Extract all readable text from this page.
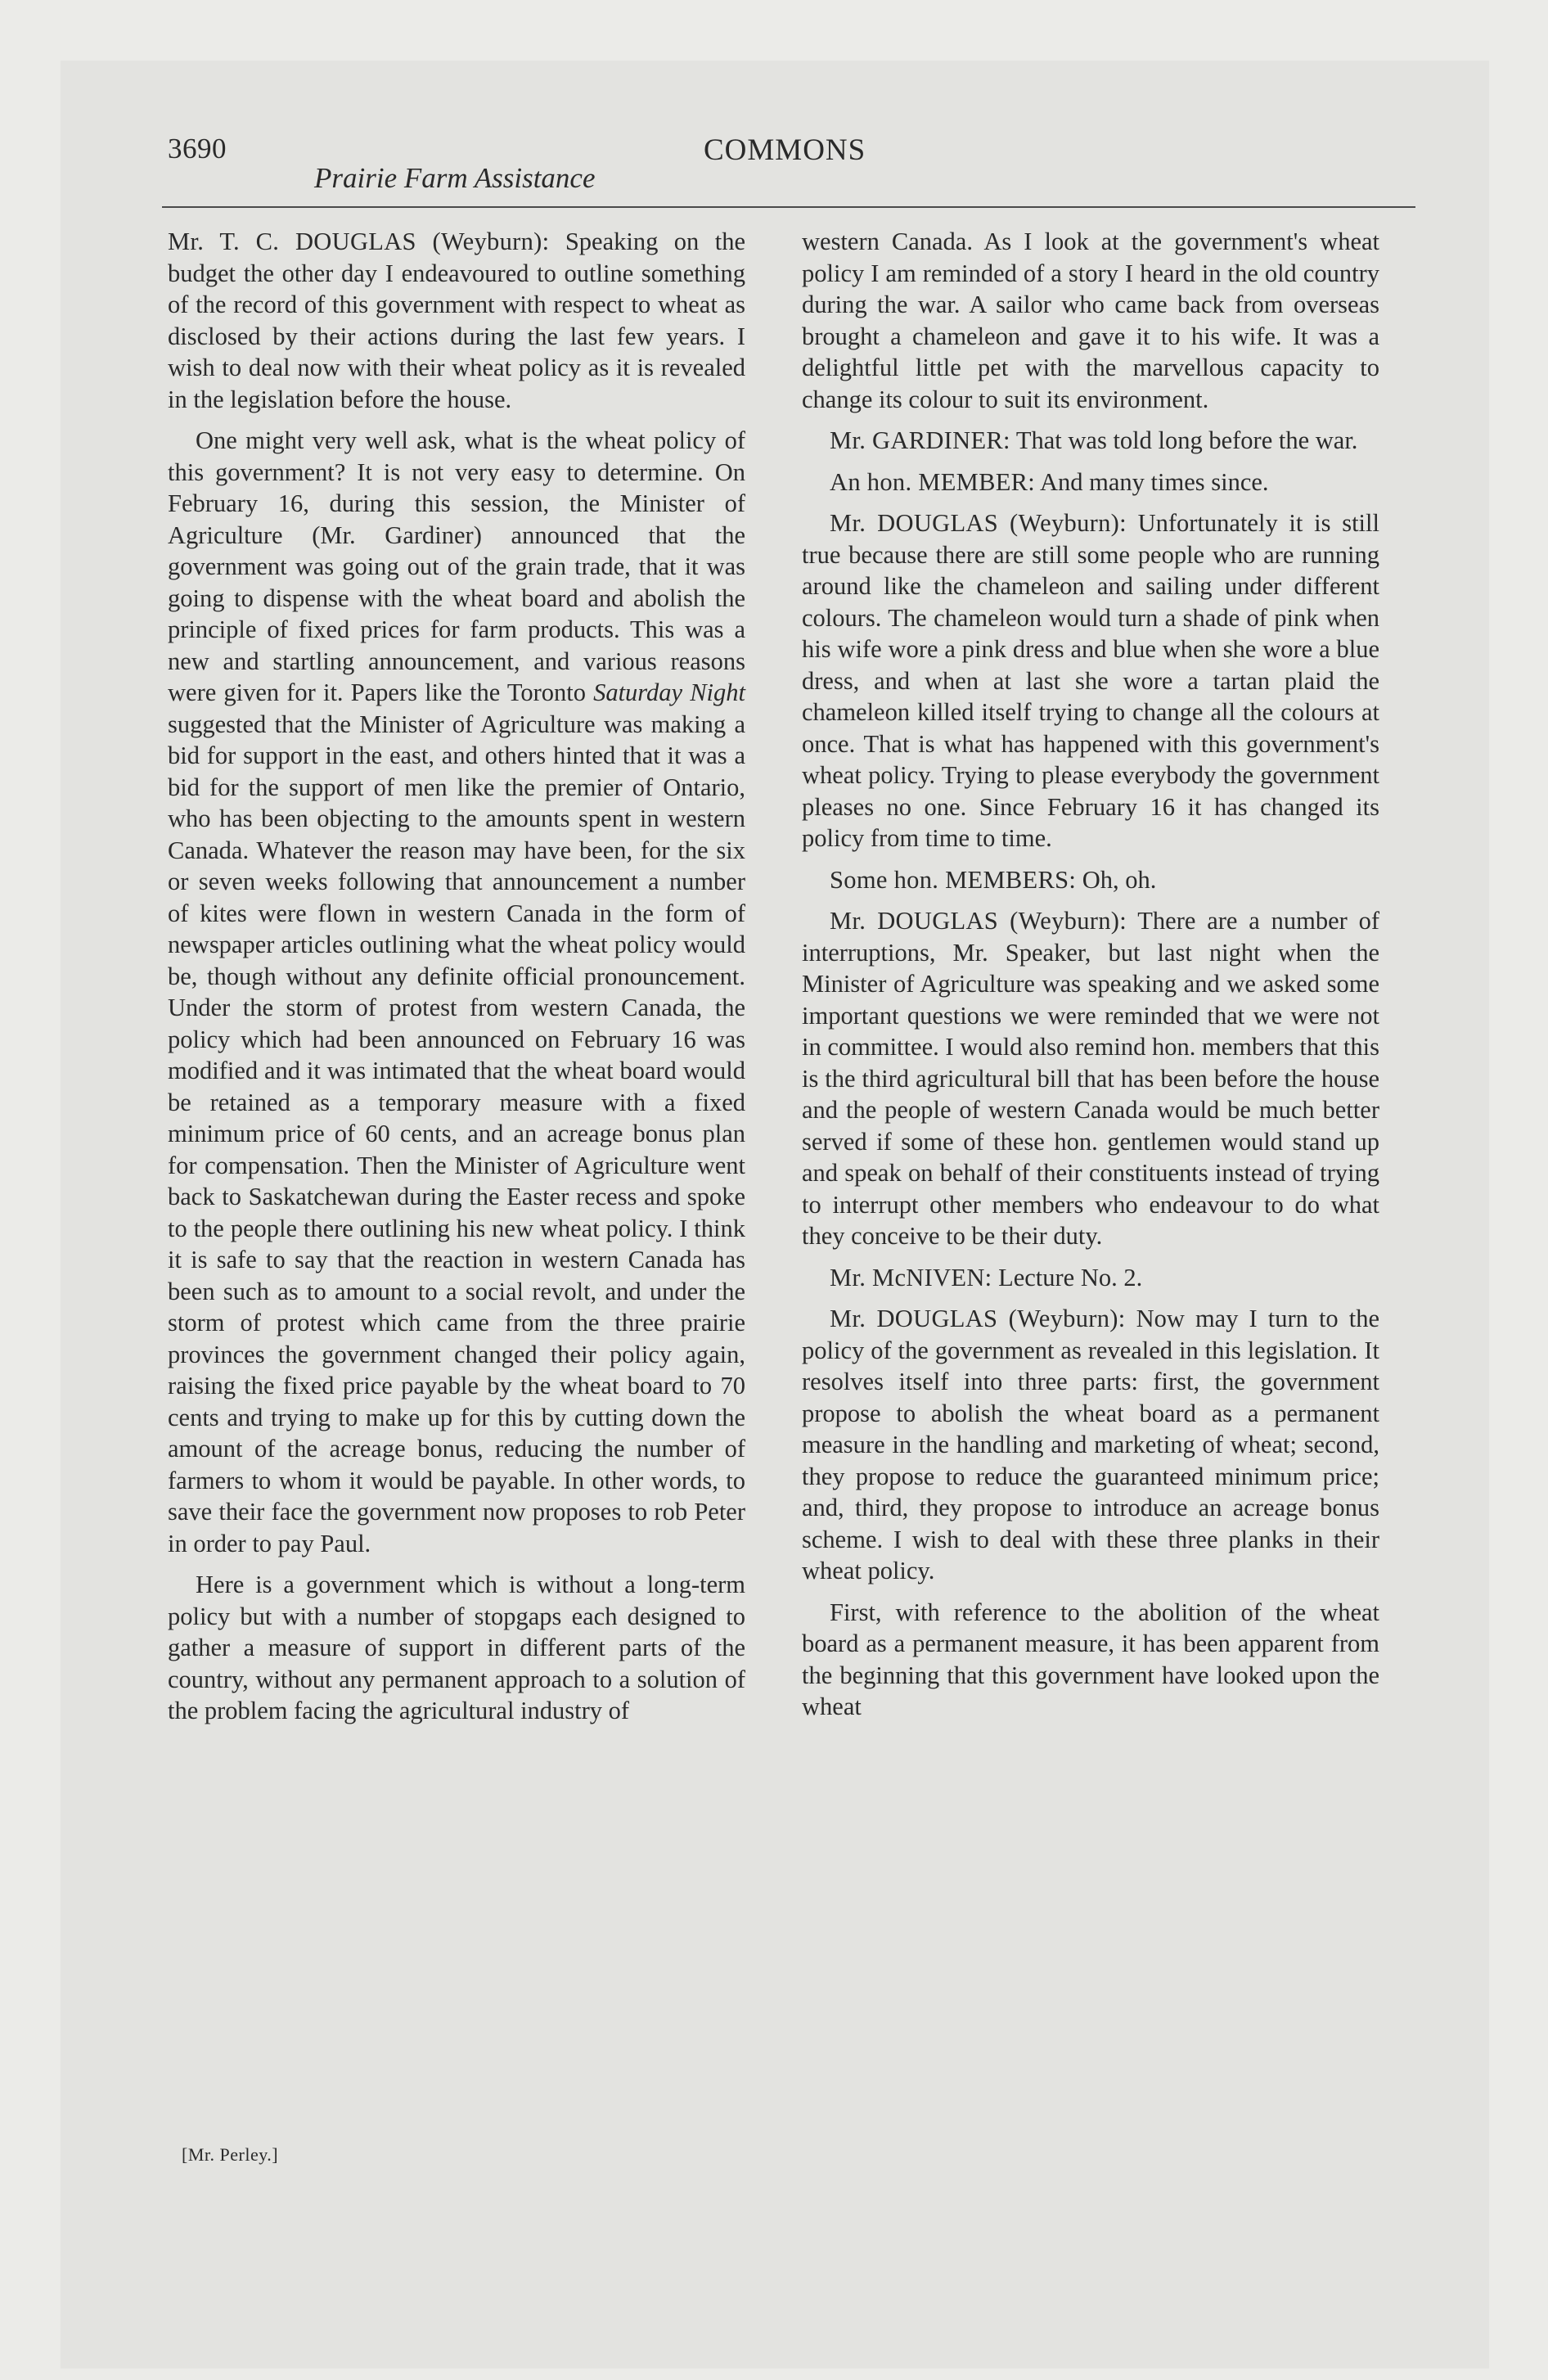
3690	COMMONS
Prairie Farm Assistance

Mr. T. C. DOUGLAS (Weyburn): Speaking on the budget the other day I endeavoured to outline something of the record of this government with respect to wheat as disclosed by their actions during the last few years. I wish to deal now with their wheat policy as it is revealed in the legislation before the house.

One might very well ask, what is the wheat policy of this government? It is not very easy to determine. On February 16, during this session, the Minister of Agriculture (Mr. Gardiner) announced that the government was going out of the grain trade, that it was going to dispense with the wheat board and abolish the principle of fixed prices for farm products. This was a new and startling announcement, and various reasons were given for it. Papers like the Toronto Saturday Night suggested that the Minister of Agriculture was making a bid for support in the east, and others hinted that it was a bid for the support of men like the premier of Ontario, who has been objecting to the amounts spent in western Canada. Whatever the reason may have been, for the six or seven weeks following that announcement a number of kites were flown in western Canada in the form of newspaper articles outlining what the wheat policy would be, though without any definite official pronouncement. Under the storm of protest from western Canada, the policy which had been announced on February 16 was modified and it was intimated that the wheat board would be retained as a temporary measure with a fixed minimum price of 60 cents, and an acreage bonus plan for compensation. Then the Minister of Agriculture went back to Saskatchewan during the Easter recess and spoke to the people there outlining his new wheat policy. I think it is safe to say that the reaction in western Canada has been such as to amount to a social revolt, and under the storm of protest which came from the three prairie provinces the government changed their policy again, raising the fixed price payable by the wheat board to 70 cents and trying to make up for this by cutting down the amount of the acreage bonus, reducing the number of farmers to whom it would be payable. In other words, to save their face the government now proposes to rob Peter in order to pay Paul.

Here is a government which is without a long-term policy but with a number of stopgaps each designed to gather a measure of support in different parts of the country, without any permanent approach to a solution of the problem facing the agricultural industry of

western Canada. As I look at the government's wheat policy I am reminded of a story I heard in the old country during the war. A sailor who came back from overseas brought a chameleon and gave it to his wife. It was a delightful little pet with the marvellous capacity to change its colour to suit its environment.

Mr. GARDINER: That was told long before the war.

An hon. MEMBER: And many times since.

Mr. DOUGLAS (Weyburn): Unfortunately it is still true because there are still some people who are running around like the chameleon and sailing under different colours. The chameleon would turn a shade of pink when his wife wore a pink dress and blue when she wore a blue dress, and when at last she wore a tartan plaid the chameleon killed itself trying to change all the colours at once. That is what has happened with this government's wheat policy. Trying to please everybody the government pleases no one. Since February 16 it has changed its policy from time to time.

Some hon. MEMBERS: Oh, oh.

Mr. DOUGLAS (Weyburn): There are a number of interruptions, Mr. Speaker, but last night when the Minister of Agriculture was speaking and we asked some important questions we were reminded that we were not in committee. I would also remind hon. members that this is the third agricultural bill that has been before the house and the people of western Canada would be much better served if some of these hon. gentlemen would stand up and speak on behalf of their constituents instead of trying to interrupt other members who endeavour to do what they conceive to be their duty.

Mr. McNIVEN: Lecture No. 2.

Mr. DOUGLAS (Weyburn): Now may I turn to the policy of the government as revealed in this legislation. It resolves itself into three parts: first, the government propose to abolish the wheat board as a permanent measure in the handling and marketing of wheat; second, they propose to reduce the guaranteed minimum price; and, third, they propose to introduce an acreage bonus scheme. I wish to deal with these three planks in their wheat policy.

First, with reference to the abolition of the wheat board as a permanent measure, it has been apparent from the beginning that this government have looked upon the wheat

[Mr. Perley.]
